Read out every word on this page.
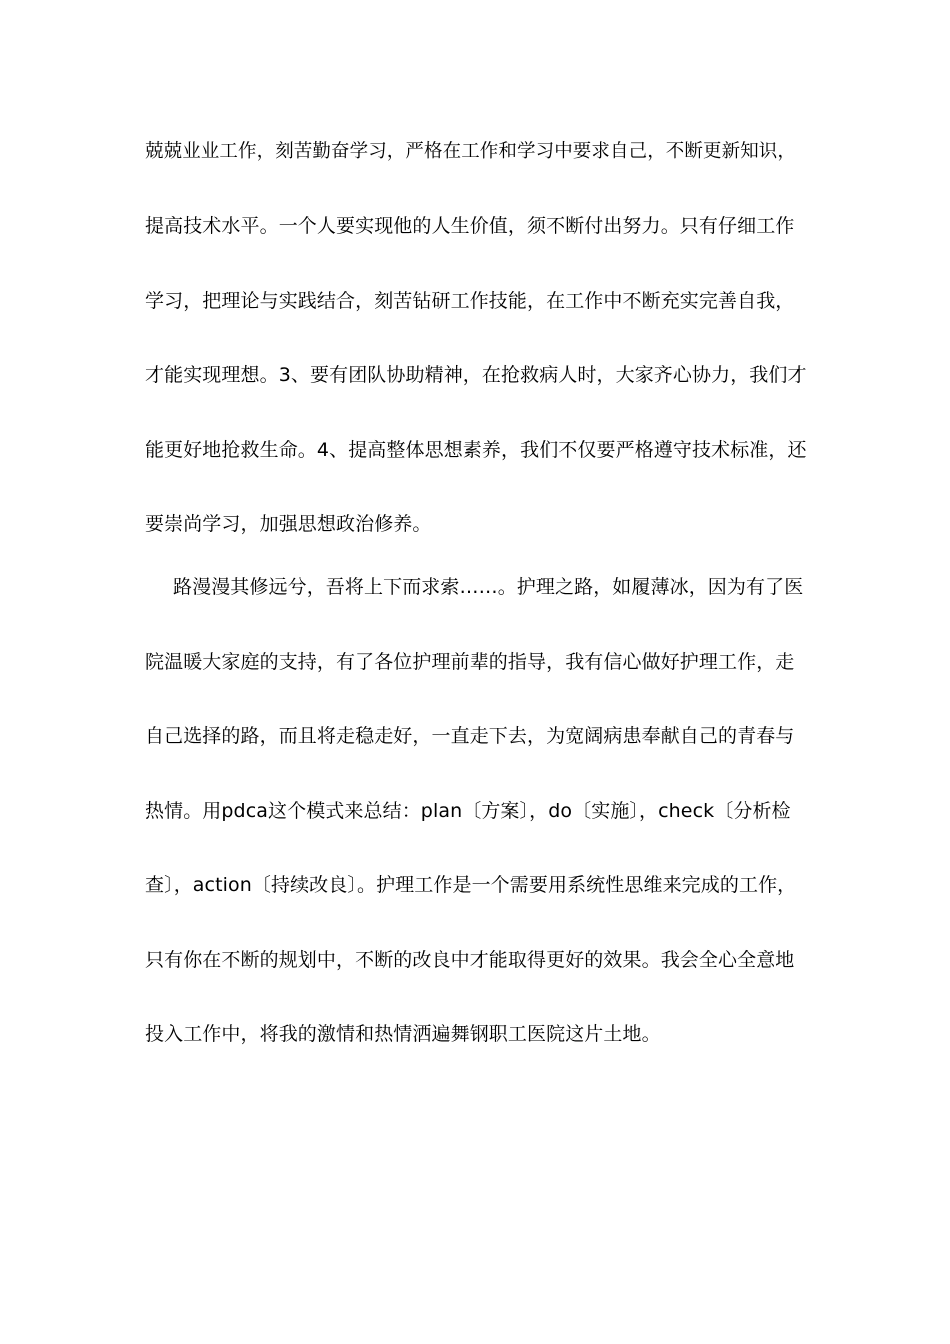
兢兢业业工作，刻苦勤奋学习，严格在工作和学习中要求自己，不断更新知识，
提高技术水平。一个人要实现他的人生价值，须不断付出努力。只有仔细工作
学习，把理论与实践结合，刻苦钻研工作技能，在工作中不断充实完善自我，
才能实现理想。3、要有团队协助精神，在抢救病人时，大家齐心协力，我们才
能更好地抢救生命。4、提高整体思想素养，我们不仅要严格遵守技术标准，还
要崇尚学习，加强思想政治修养。
路漫漫其修远兮，吾将上下而求索……。护理之路，如履薄冰，因为有了医
院温暖大家庭的支持，有了各位护理前辈的指导，我有信心做好护理工作，走
自己选择的路，而且将走稳走好，一直走下去，为宽阔病患奉献自己的青春与
热情。用pdca这个模式来总结：plan〔方案〕，do〔实施〕，check〔分析检
查〕，action〔持续改良〕。护理工作是一个需要用系统性思维来完成的工作，
只有你在不断的规划中，不断的改良中才能取得更好的效果。我会全心全意地
投入工作中，将我的激情和热情洒遍舞钢职工医院这片土地。
